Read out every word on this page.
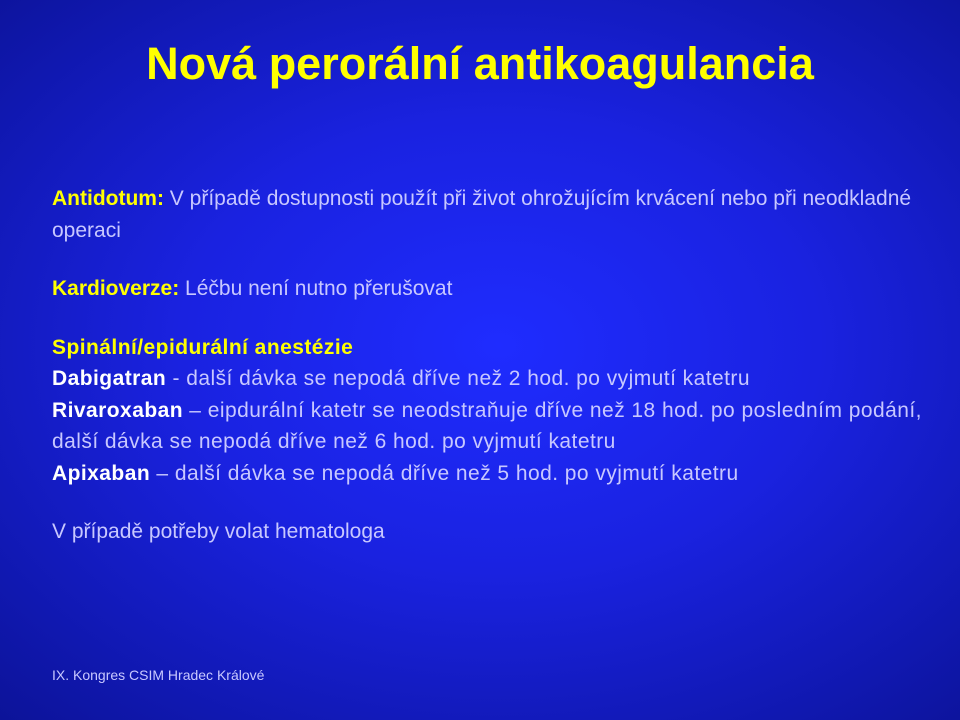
Nová perorální antikoagulancia

Antidotum: V případě dostupnosti použít při život ohrožujícím krvácení nebo při neodkladné operaci

Kardioverze: Léčbu není nutno přerušovat

Spinální/epidurální anestézie

Dabigatran - další dávka se nepodá dříve než 2 hod. po vyjmutí katetru

Rivaroxaban – eipdurální katetr se neodstraňuje dříve než 18 hod. po posledním podání, další dávka se nepodá dříve než 6 hod. po vyjmutí katetru

Apixaban – další dávka se nepodá dříve než 5 hod. po vyjmutí katetru

V případě potřeby volat hematologa

IX. Kongres CSIM Hradec Králové
